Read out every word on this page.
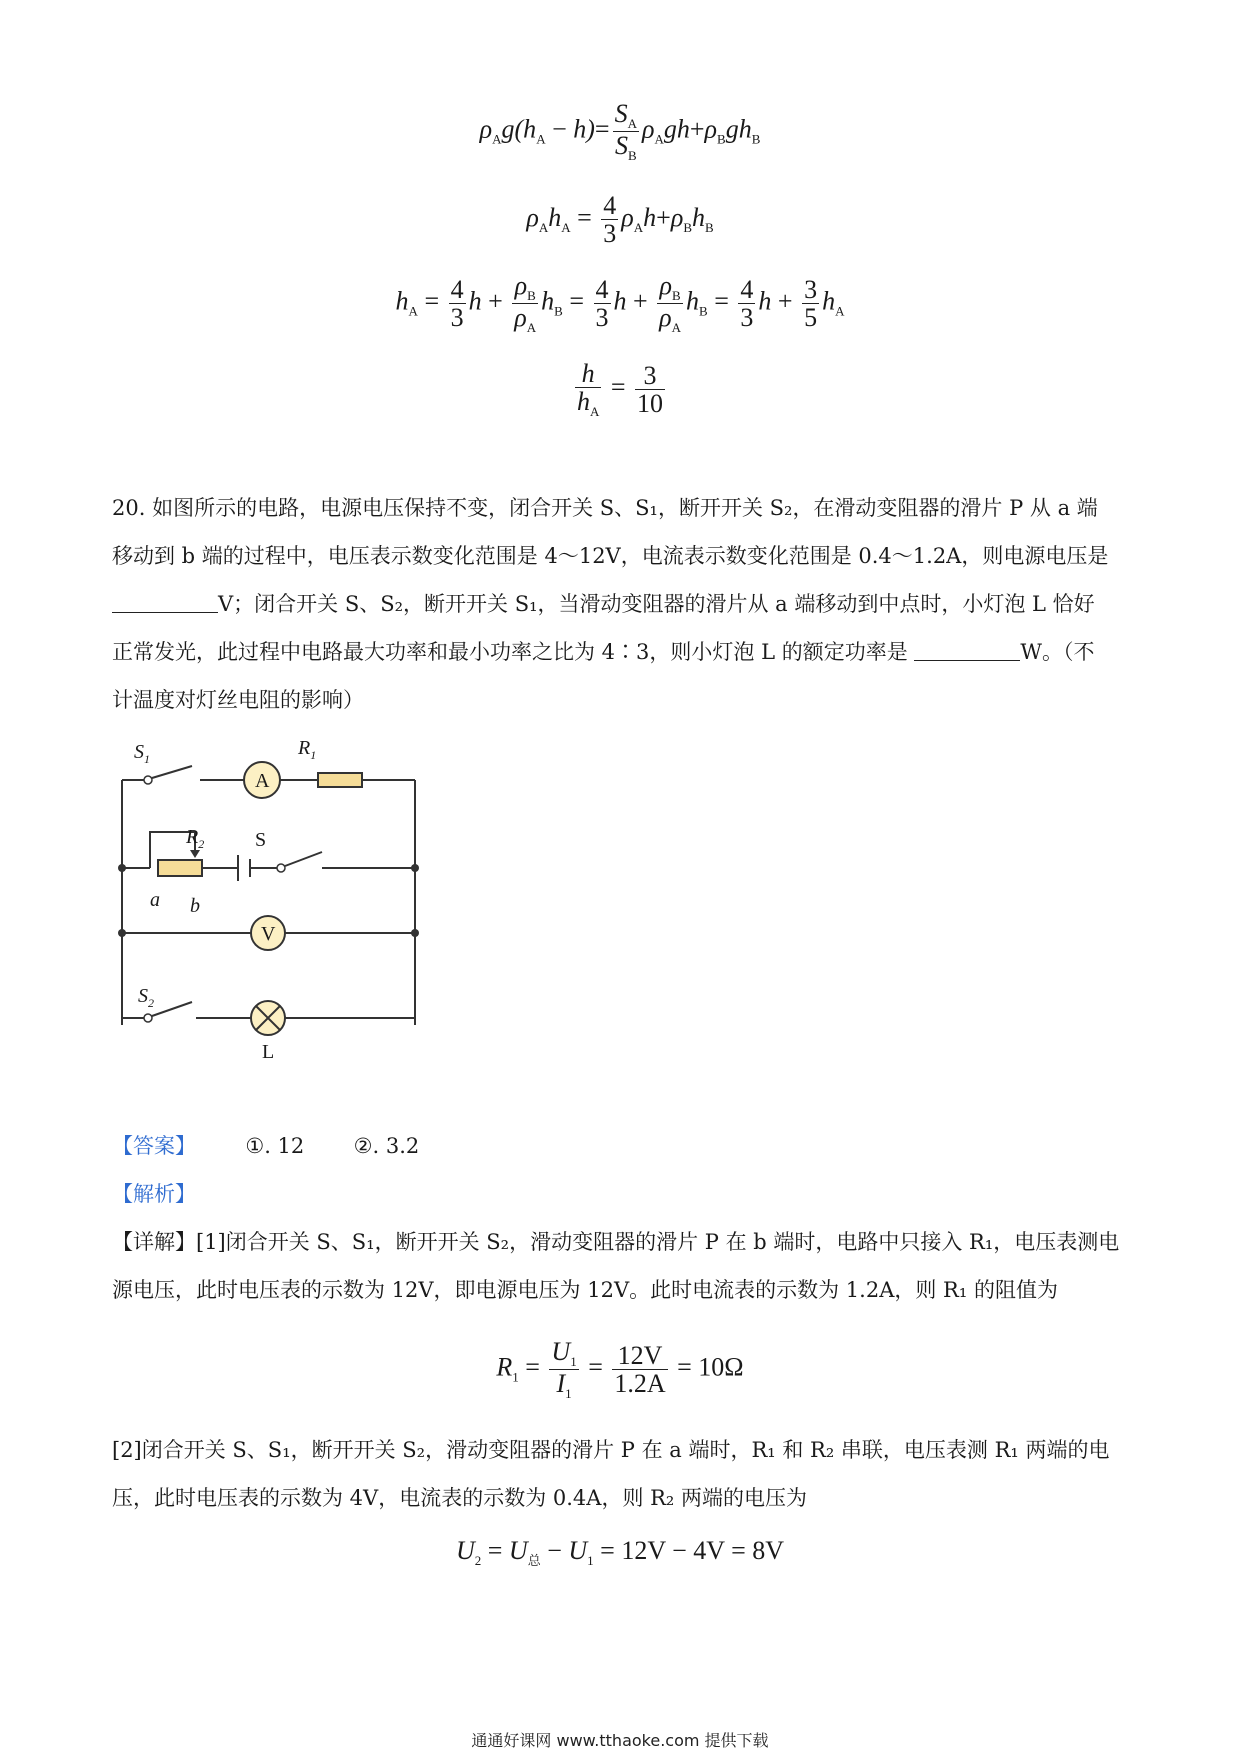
$\rho_Ag(h_A - h)= \frac{S_A}{S_B} \rho_Agh+\rho_Bgh_B$
$\rho_Ah_A = \frac{4}{3} \rho_Ah+\rho_Bh_B$
$h_A = \frac{4}{3}$ $h + \frac{\rho_B}{\rho_A} h_B = \frac{4}{3}$ $h + \frac{\rho_B}{\rho_A} h_B = \frac{4}{3}$ $h + \frac{3}{5} h_A$
$\frac{h}{h_A} = \frac{3}{10}$
20. 如图所示的电路，电源电压保持不变，闭合开关 S、S₁，断开开关 S₂，在滑动变阻器的滑片 P 从 a 端
移动到 b 端的过程中，电压表示数变化范围是 4～12V，电流表示数变化范围是 0.4～1.2A，则电源电压是
V；闭合开关 S、S₂，断开开关 S₁，当滑动变阻器的滑片从 a 端移动到中点时，小灯泡 L 恰好
正常发光，此过程中电路最大功率和最小功率之比为 4∶3，则小灯泡 L 的额定功率是	W。（不
计温度对灯丝电阻的影响）
A
V
$S_1$	$R_1$
$R_2$	S
a b
$S_2$
L
【答案】 ①. 12 ②. 3.2
【解析】
【详解】[1]闭合开关 S、S₁，断开开关 S₂，滑动变阻器的滑片 P 在 b 端时，电路中只接入 R₁，电压表测电
源电压，此时电压表的示数为 12V，即电源电压为 12V。此时电流表的示数为 1.2A，则 R₁ 的阻值为
$R_1 = \frac{U_1}{I_1} = \frac{12V}{1.2A} = 10\Omega$
[2]闭合开关 S、S₁，断开开关 S₂，滑动变阻器的滑片 P 在 a 端时，R₁ 和 R₂ 串联，电压表测 R₁ 两端的电
压，此时电压表的示数为 4V，电流表的示数为 0.4A，则 R₂ 两端的电压为
$U_2 = U_总 - U_1 = 12V - 4V = 8V$
通通好课网 www.tthaoke.com 提供下载
